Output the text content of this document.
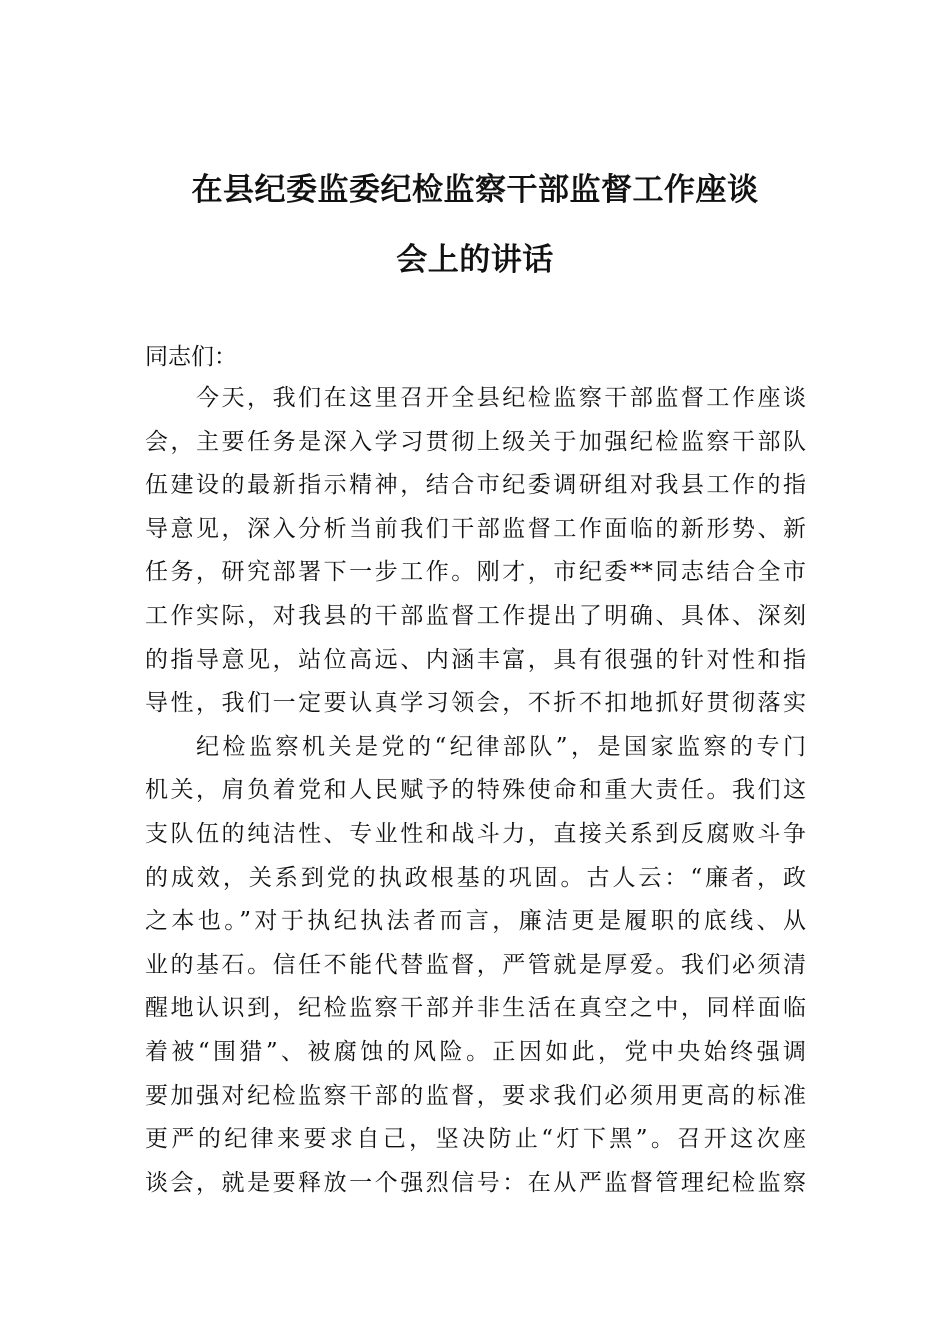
在县纪委监委纪检监察干部监督工作座谈
会上的讲话
同志们：
今天，我们在这里召开全县纪检监察干部监督工作座谈
会，主要任务是深入学习贯彻上级关于加强纪检监察干部队
伍建设的最新指示精神，结合市纪委调研组对我县工作的指
导意见，深入分析当前我们干部监督工作面临的新形势、新
任务，研究部署下一步工作。刚才，市纪委**同志结合全市
工作实际，对我县的干部监督工作提出了明确、具体、深刻
的指导意见，站位高远、内涵丰富，具有很强的针对性和指
导性，我们一定要认真学习领会，不折不扣地抓好贯彻落实
纪检监察机关是党的“纪律部队”，是国家监察的专门
机关，肩负着党和人民赋予的特殊使命和重大责任。我们这
支队伍的纯洁性、专业性和战斗力，直接关系到反腐败斗争
的成效，关系到党的执政根基的巩固。古人云：“廉者，政
之本也。”对于执纪执法者而言，廉洁更是履职的底线、从
业的基石。信任不能代替监督，严管就是厚爱。我们必须清
醒地认识到，纪检监察干部并非生活在真空之中，同样面临
着被“围猎”、被腐蚀的风险。正因如此，党中央始终强调
要加强对纪检监察干部的监督，要求我们必须用更高的标准
更严的纪律来要求自己，坚决防止“灯下黑”。召开这次座
谈会，就是要释放一个强烈信号：在从严监督管理纪检监察
